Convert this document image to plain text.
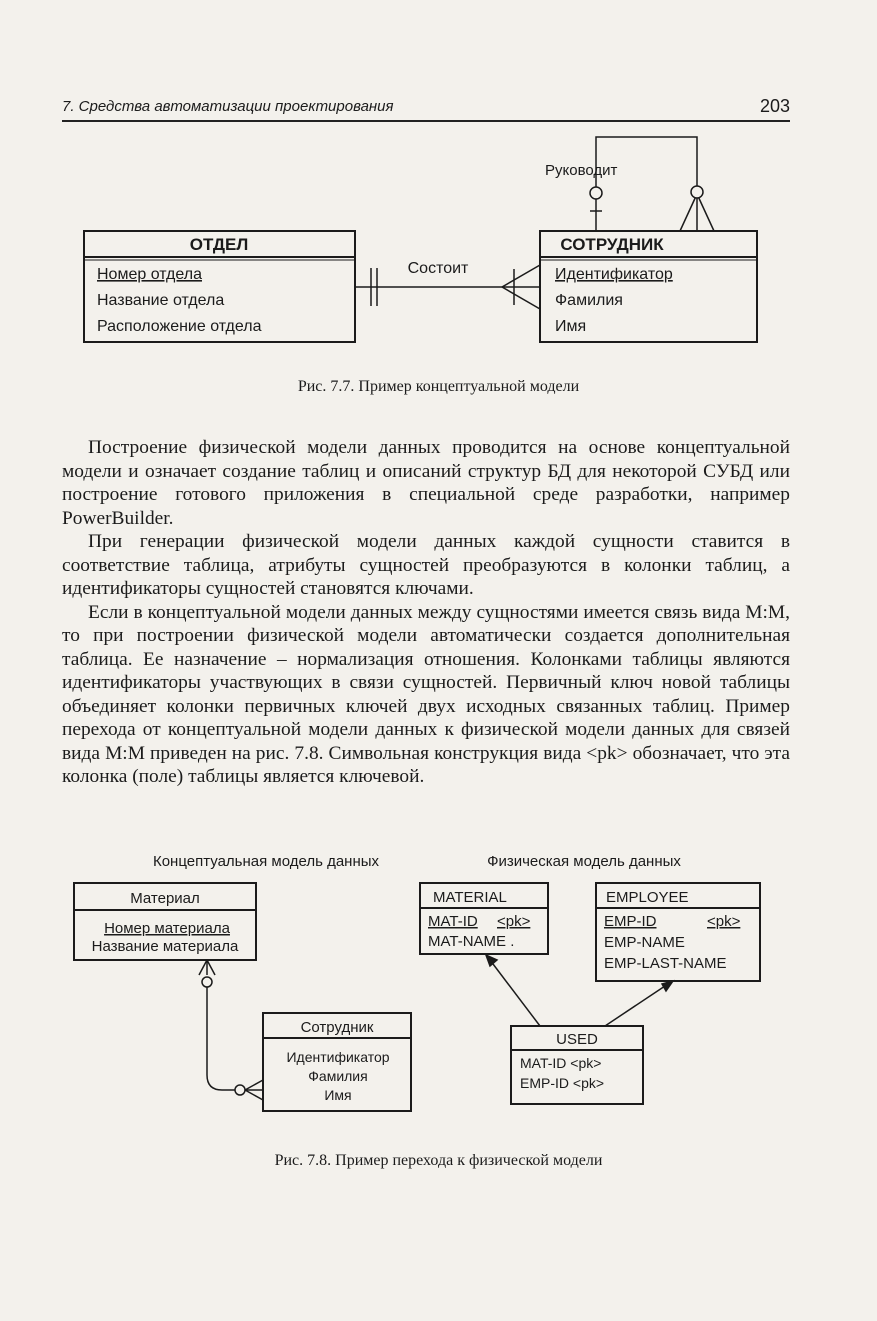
7. Средства автоматизации проектирования	203
ОТДЕЛ
Номер отдела
Название отдела
Расположение отдела
СОТРУДНИК
Идентификатор
Фамилия
Имя
Состоит
Руководит
Рис. 7.7. Пример концептуальной модели

Построение физической модели данных проводится на основе концептуальной модели и означает создание таблиц и описаний структур БД для некоторой СУБД или построение готового приложения в специальной среде разработки, например PowerBuilder.

При генерации физической модели данных каждой сущности ставится в соответствие таблица, атрибуты сущностей преобразуются в колонки таблиц, а идентификаторы сущностей становятся ключами.

Если в концептуальной модели данных между сущностями имеется связь вида М:М, то при построении физической модели автоматически создается дополнительная таблица. Ее назначение – нормализация отношения. Колонками таблицы являются идентификаторы участвующих в связи сущностей. Первичный ключ новой таблицы объединяет колонки первичных ключей двух исходных связанных таблиц. Пример перехода от концептуальной модели данных к физической модели данных для связей вида М:М приведен на рис. 7.8. Символьная конструкция вида <pk> обозначает, что эта колонка (поле) таблицы является ключевой.

Концептуальная модель данных	Физическая модель данных
Материал
Номер материала
Название материала
Сотрудник
Идентификатор
Фамилия
Имя
MATERIAL
MAT-ID <pk>
MAT-NAME .
EMPLOYEE
EMP-ID	<pk>
EMP-NAME
EMP-LAST-NAME
USED
MAT-ID <pk>
EMP-ID <pk>
Рис. 7.8. Пример перехода к физической модели
